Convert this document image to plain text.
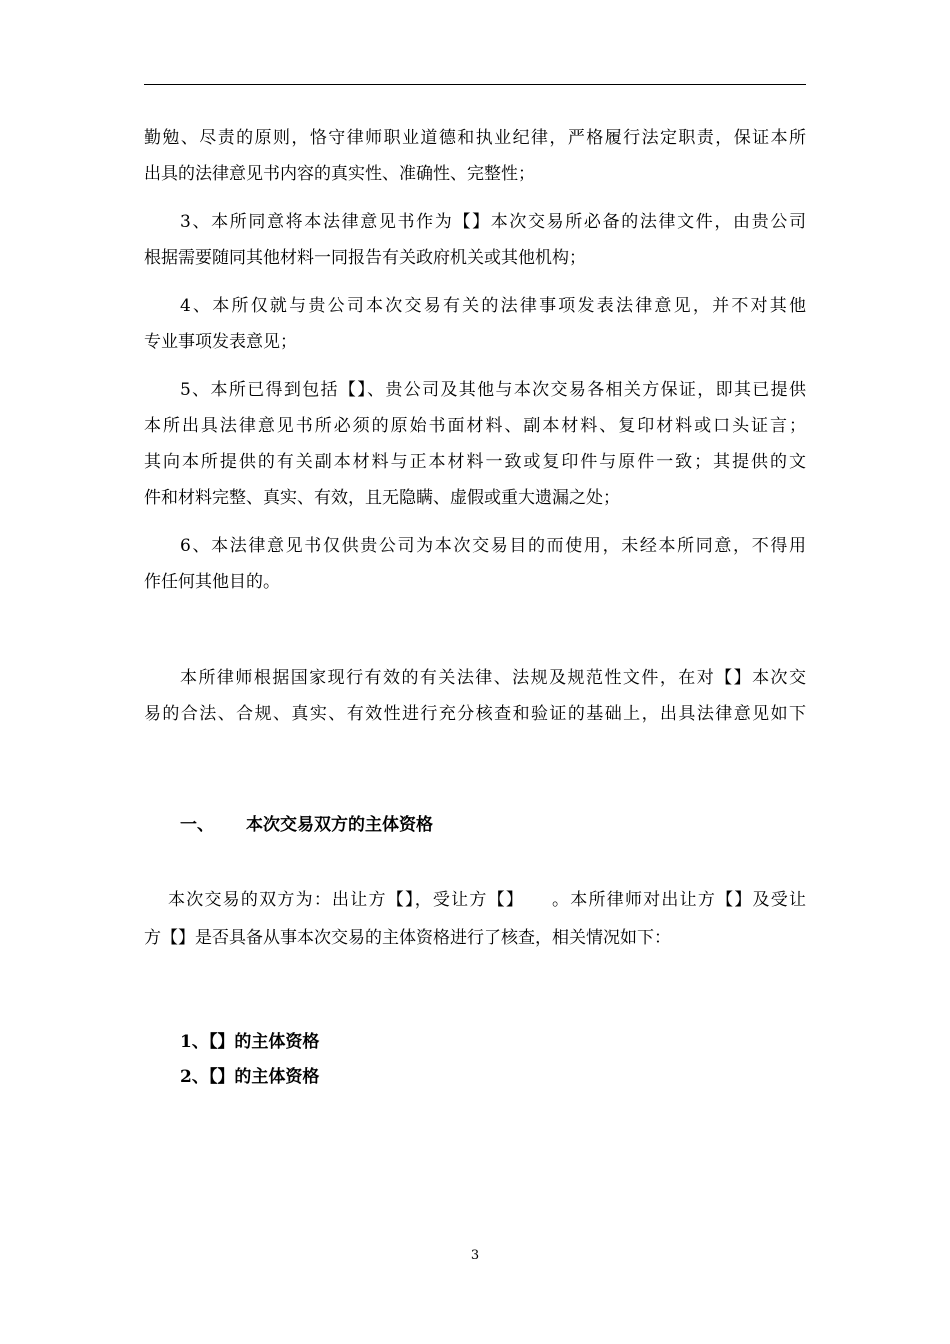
勤勉、尽责的原则，恪守律师职业道德和执业纪律，严格履行法定职责，保证本所
出具的法律意见书内容的真实性、准确性、完整性；
3、本所同意将本法律意见书作为【】本次交易所必备的法律文件，由贵公司
根据需要随同其他材料一同报告有关政府机关或其他机构；
4、本所仅就与贵公司本次交易有关的法律事项发表法律意见，并不对其他
专业事项发表意见；
5、本所已得到包括【】、贵公司及其他与本次交易各相关方保证，即其已提供
本所出具法律意见书所必须的原始书面材料、副本材料、复印材料或口头证言；
其向本所提供的有关副本材料与正本材料一致或复印件与原件一致；其提供的文
件和材料完整、真实、有效，且无隐瞒、虚假或重大遗漏之处；
6、本法律意见书仅供贵公司为本次交易目的而使用，未经本所同意，不得用
作任何其他目的。
本所律师根据国家现行有效的有关法律、法规及规范性文件，在对【】本次交
易的合法、合规、真实、有效性进行充分核查和验证的基础上，出具法律意见如下
一、 本次交易双方的主体资格
本次交易的双方为：出让方【】，受让方【】　　。本所律师对出让方【】及受让
方【】是否具备从事本次交易的主体资格进行了核查，相关情况如下：
1、【】的主体资格
2、【】的主体资格
3
